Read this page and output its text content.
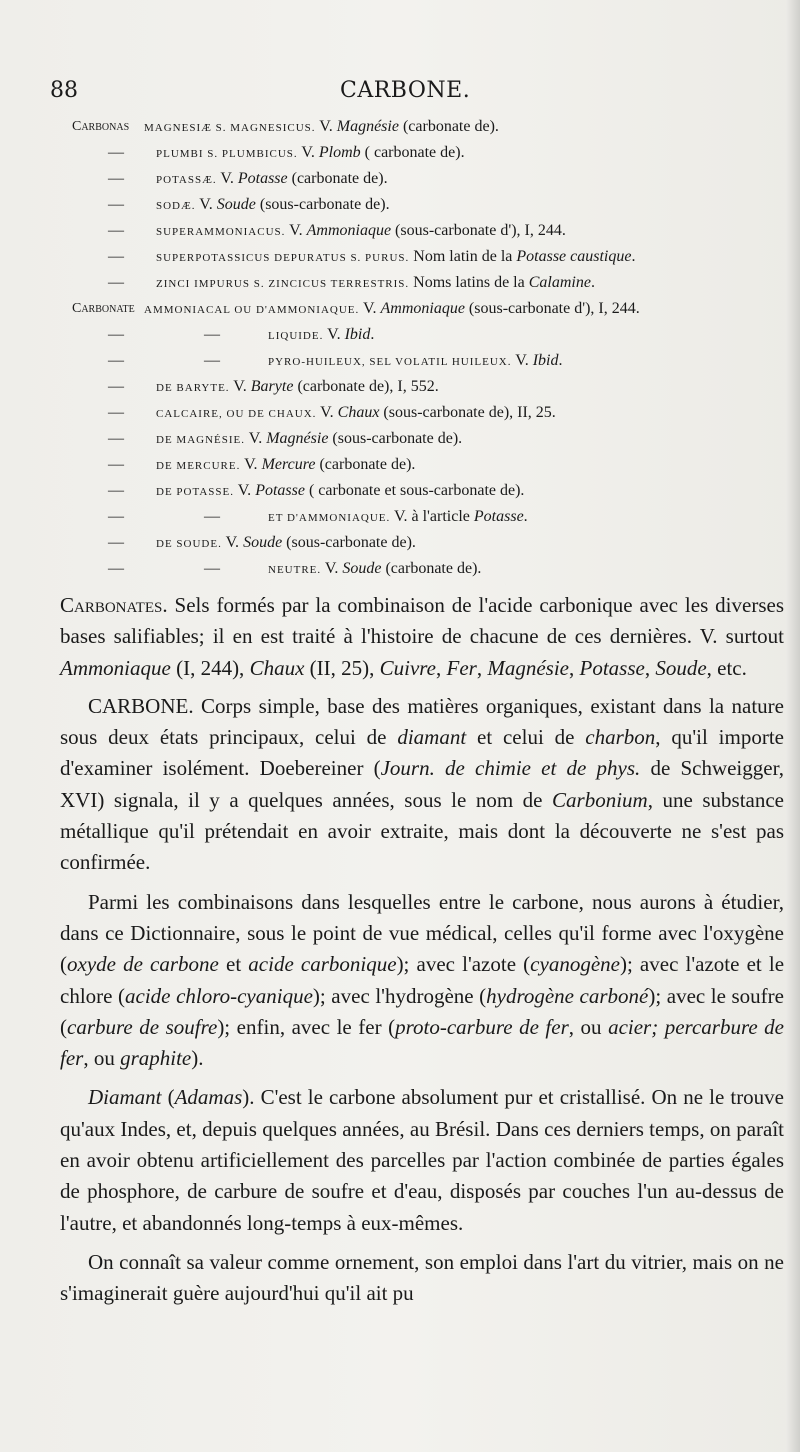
88	CARBONE.
Carbonas MAGNESIÆ S. MAGNESICUS. V. Magnésie (carbonate de).
—	PLUMBI S. PLUMBICUS. V. Plomb ( carbonate de).
—	POTASSÆ. V. Potasse (carbonate de).
—	SODÆ. V. Soude (sous-carbonate de).
—	SUPERAMMONIACUS. V. Ammoniaque (sous-carbonate d'), I, 244.
—	SUPERPOTASSICUS DEPURATUS S. PURUS. Nom latin de la Potasse caustique.
—	ZINCI IMPURUS S. ZINCICUS TERRESTRIS. Noms latins de la Calamine.
Carbonate AMMONIACAL OU D'AMMONIAQUE. V. Ammoniaque (sous-carbonate d'), I, 244.
—	—	LIQUIDE. V. Ibid.
—	—	PYRO-HUILEUX, SEL VOLATIL HUILEUX. V. Ibid.
—	DE BARYTE. V. Baryte (carbonate de), I, 552.
—	CALCAIRE, OU DE CHAUX. V. Chaux (sous-carbonate de), II, 25.
—	DE MAGNÉSIE. V. Magnésie (sous-carbonate de).
—	DE MERCURE. V. Mercure (carbonate de).
—	DE POTASSE. V. Potasse ( carbonate et sous-carbonate de).
—	—	ET D'AMMONIAQUE. V. à l'article Potasse.
—	DE SOUDE. V. Soude (sous-carbonate de).
—	—	NEUTRE. V. Soude (carbonate de).

Carbonates. Sels formés par la combinaison de l'acide carbonique avec les diverses bases salifiables; il en est traité à l'histoire de chacune de ces dernières. V. surtout Ammoniaque (I, 244), Chaux (II, 25), Cuivre, Fer, Magnésie, Potasse, Soude, etc.

CARBONE. Corps simple, base des matières organiques, existant dans la nature sous deux états principaux, celui de diamant et celui de charbon, qu'il importe d'examiner isolément. Doebereiner (Journ. de chimie et de phys. de Schweigger, XVI) signala, il y a quelques années, sous le nom de Carbonium, une substance métallique qu'il prétendait en avoir extraite, mais dont la découverte ne s'est pas confirmée.

Parmi les combinaisons dans lesquelles entre le carbone, nous aurons à étudier, dans ce Dictionnaire, sous le point de vue médical, celles qu'il forme avec l'oxygène (oxyde de carbone et acide carbonique); avec l'azote (cyanogène); avec l'azote et le chlore (acide chloro-cyanique); avec l'hydrogène (hydrogène carboné); avec le soufre (carbure de soufre); enfin, avec le fer (proto-carbure de fer, ou acier; percarbure de fer, ou graphite).

Diamant (Adamas). C'est le carbone absolument pur et cristallisé. On ne le trouve qu'aux Indes, et, depuis quelques années, au Brésil. Dans ces derniers temps, on paraît en avoir obtenu artificiellement des parcelles par l'action combinée de parties égales de phosphore, de carbure de soufre et d'eau, disposés par couches l'un au-dessus de l'autre, et abandonnés long-temps à eux-mêmes.

On connaît sa valeur comme ornement, son emploi dans l'art du vitrier, mais on ne s'imaginerait guère aujourd'hui qu'il ait pu
